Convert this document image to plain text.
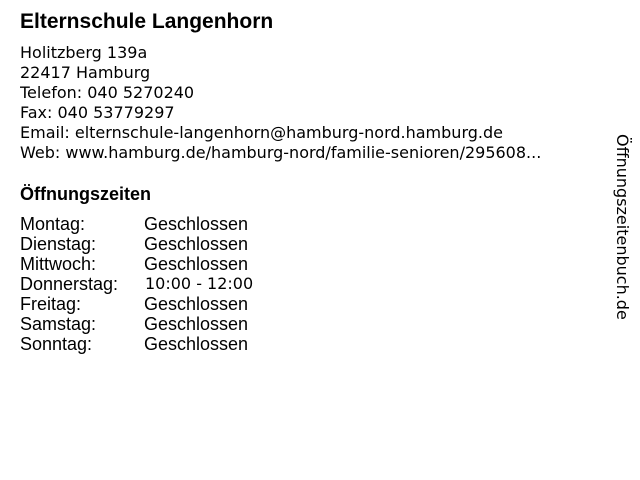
Elternschule Langenhorn
Holitzberg 139a
22417 Hamburg
Telefon: 040 5270240
Fax: 040 53779297
Email: elternschule-langenhorn@hamburg-nord.hamburg.de
Web: www.hamburg.de/hamburg-nord/familie-senioren/295608...
Öffnungszeiten
Montag:	Geschlossen
Dienstag:	Geschlossen
Mittwoch:	Geschlossen
Donnerstag:	10:00 - 12:00
Freitag:	Geschlossen
Samstag:	Geschlossen
Sonntag:	Geschlossen
Öffnungszeitenbuch.de
